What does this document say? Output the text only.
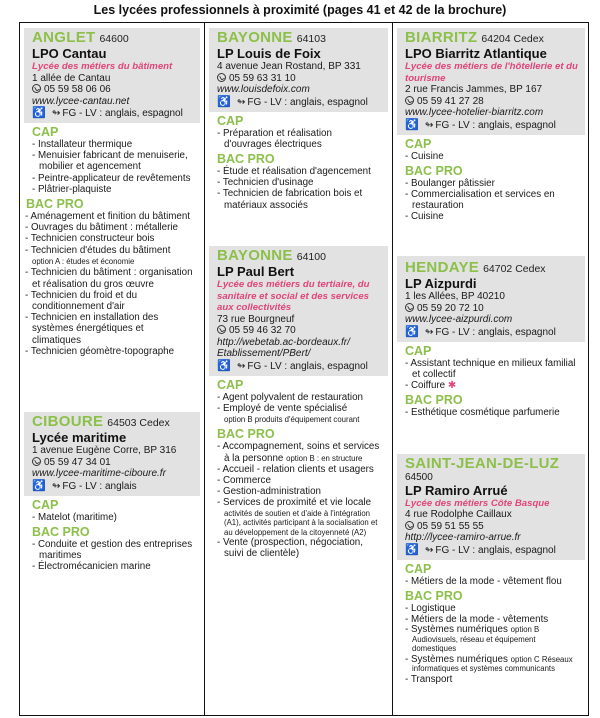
Les lycées professionnels à proximité (pages 41 et 42 de la brochure)
ANGLET 64600
LPO Cantau
Lycée des métiers du bâtiment
1 allée de Cantau
05 59 58 06 06
www.lycee-cantau.net
♿ ↬ FG - LV : anglais, espagnol
CAP
- Installateur thermique
- Menuisier fabricant de menuiserie, mobilier et agencement
- Peintre-applicateur de revêtements
- Plâtrier-plaquiste
BAC PRO
- Aménagement et finition du bâtiment
- Ouvrages du bâtiment : métallerie
- Technicien constructeur bois
- Technicien d'études du bâtiment
option A : études et économie
- Technicien du bâtiment : organisation et réalisation du gros œuvre
- Technicien du froid et du conditionnement d'air
- Technicien en installation des systèmes énergétiques et climatiques
- Technicien géomètre-topographe
CIBOURE 64503 Cedex
Lycée maritime
1 avenue Eugène Corre, BP 316
05 59 47 34 01
www.lycee-maritime-ciboure.fr
♿ ↬ FG - LV : anglais
CAP
- Matelot (maritime)
BAC PRO
- Conduite et gestion des entreprises maritimes
- Électromécanicien marine
BAYONNE 64103
LP Louis de Foix
4 avenue Jean Rostand, BP 331
05 59 63 31 10
www.louisdefoix.com
♿ ↬ FG - LV : anglais, espagnol
CAP
- Préparation et réalisation d'ouvrages électriques
BAC PRO
- Étude et réalisation d'agencement
- Technicien d'usinage
- Technicien de fabrication bois et matériaux associés
BAYONNE 64100
LP Paul Bert
Lycée des métiers du tertiaire, du sanitaire et social et des services aux collectivités
73 rue Bourgneuf
05 59 46 32 70
http://webetab.ac-bordeaux.fr/ Etablissement/PBert/
♿ ↬ FG - LV : anglais, espagnol
CAP
- Agent polyvalent de restauration
- Employé de vente spécialisé
option B produits d'équipement courant
BAC PRO
- Accompagnement, soins et services à la personne option B : en structure
- Accueil - relation clients et usagers
- Commerce
- Gestion-administration
- Services de proximité et vie locale
activités de soutien et d'aide à l'intégration (A1), activités participant à la socialisation et au développement de la citoyenneté (A2)
- Vente (prospection, négociation, suivi de clientèle)
BIARRITZ 64204 Cedex
LPO Biarritz Atlantique
Lycée des métiers de l'hôtellerie et du tourisme
2 rue Francis Jammes, BP 167
05 59 41 27 28
www.lycee-hotelier-biarritz.com
♿ ↬ FG - LV : anglais, espagnol
CAP
- Cuisine
BAC PRO
- Boulanger pâtissier
- Commercialisation et services en restauration
- Cuisine
HENDAYE 64702 Cedex
LP Aizpurdi
1 les Allées, BP 40210
05 59 20 72 10
www.lycee-aizpurdi.com
♿ ↬ FG - LV : anglais, espagnol
CAP
- Assistant technique en milieux familial et collectif
- Coiffure ✱
BAC PRO
- Esthétique cosmétique parfumerie
SAINT-JEAN-DE-LUZ
64500
LP Ramiro Arrué
Lycée des métiers Côte Basque
4 rue Rodolphe Caillaux
05 59 51 55 55
http://lycee-ramiro-arrue.fr
♿ ↬ FG - LV : anglais, espagnol
CAP
- Métiers de la mode - vêtement flou
BAC PRO
- Logistique
- Métiers de la mode - vêtements
- Systèmes numériques option B Audiovisuels, réseau et équipement domestiques
- Systèmes numériques option C Réseaux informatiques et systèmes communicants
- Transport
